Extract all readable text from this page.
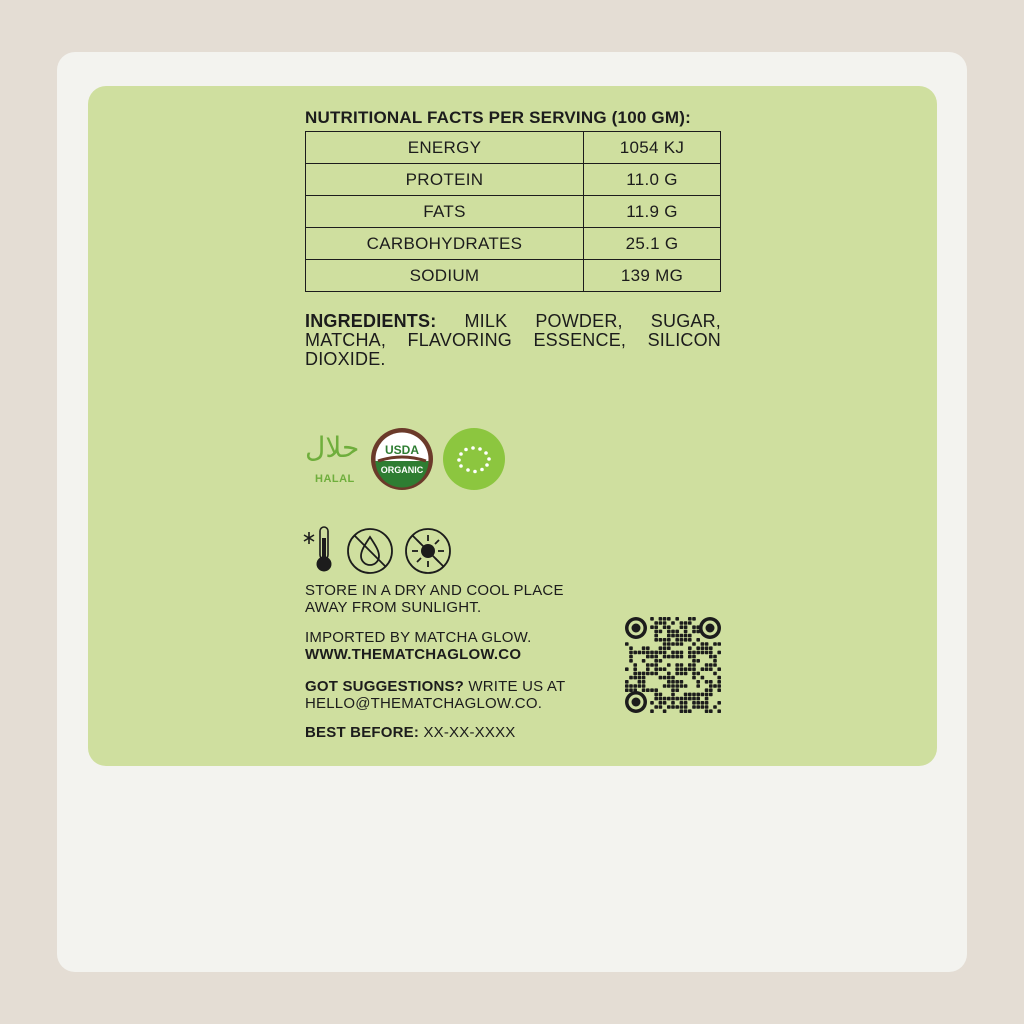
NUTRITIONAL FACTS PER SERVING (100 GM):
ENERGY	1054 KJ
PROTEIN	11.0 G
FATS	11.9 G
CARBOHYDRATES	25.1 G
SODIUM	139 MG

INGREDIENTS: MILK POWDER, SUGAR, MATCHA, FLAVORING ESSENCE, SILICON DIOXIDE.

حلال
HALAL
USDA
ORGANIC
STORE IN A DRY AND COOL PLACE
AWAY FROM SUNLIGHT.
IMPORTED BY MATCHA GLOW.
WWW.THEMATCHAGLOW.CO
GOT SUGGESTIONS? WRITE US AT
HELLO@THEMATCHAGLOW.CO.
BEST BEFORE: XX-XX-XXXX
